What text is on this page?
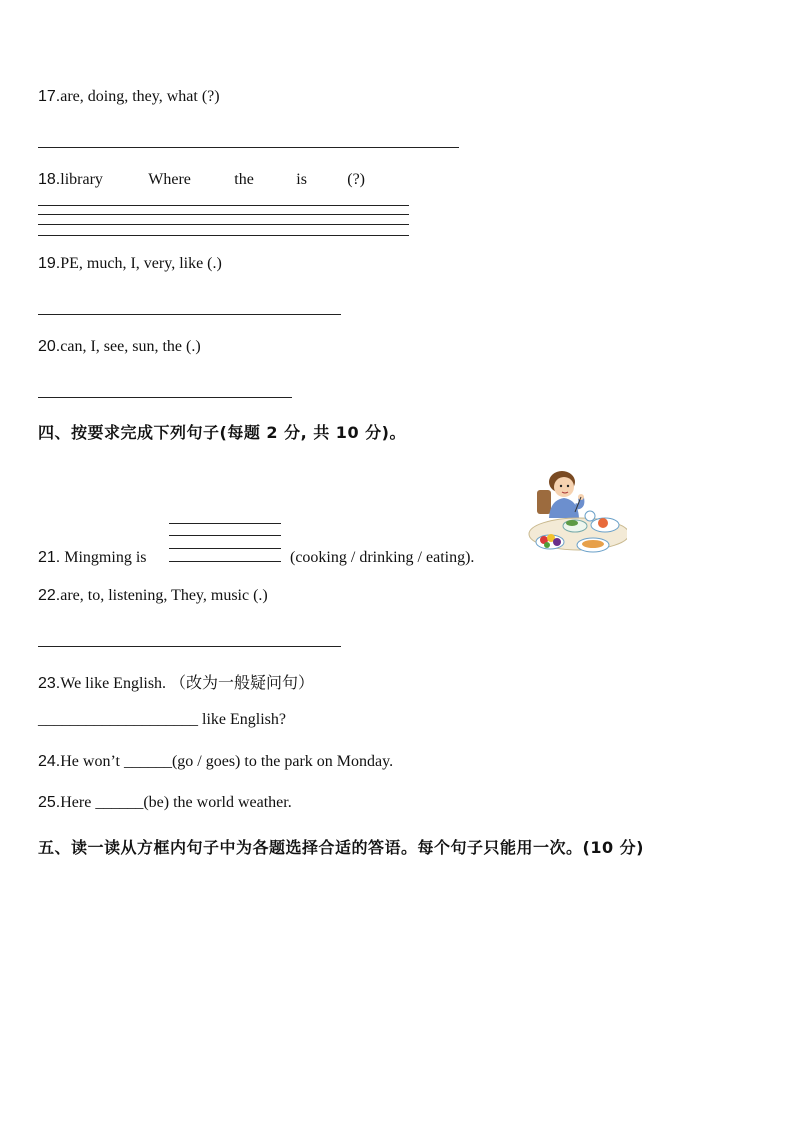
17.are, doing, they, what (?)
18.library	Where	the	is	(?)
19.PE, much, I, very, like (.)
20.can, I, see, sun, the (.)
四、按要求完成下列句子(每题 2 分, 共 10 分)。
21. Mingming is	(cooking / drinking / eating).
22.are, to, listening, They, music (.)
23.We like English. （改为一般疑问句）
____________________ like English?
24.He won’t ______(go / goes) to the park on Monday.
25.Here ______(be) the world weather.
五、读一读从方框内句子中为各题选择合适的答语。每个句子只能用一次。(10 分)
